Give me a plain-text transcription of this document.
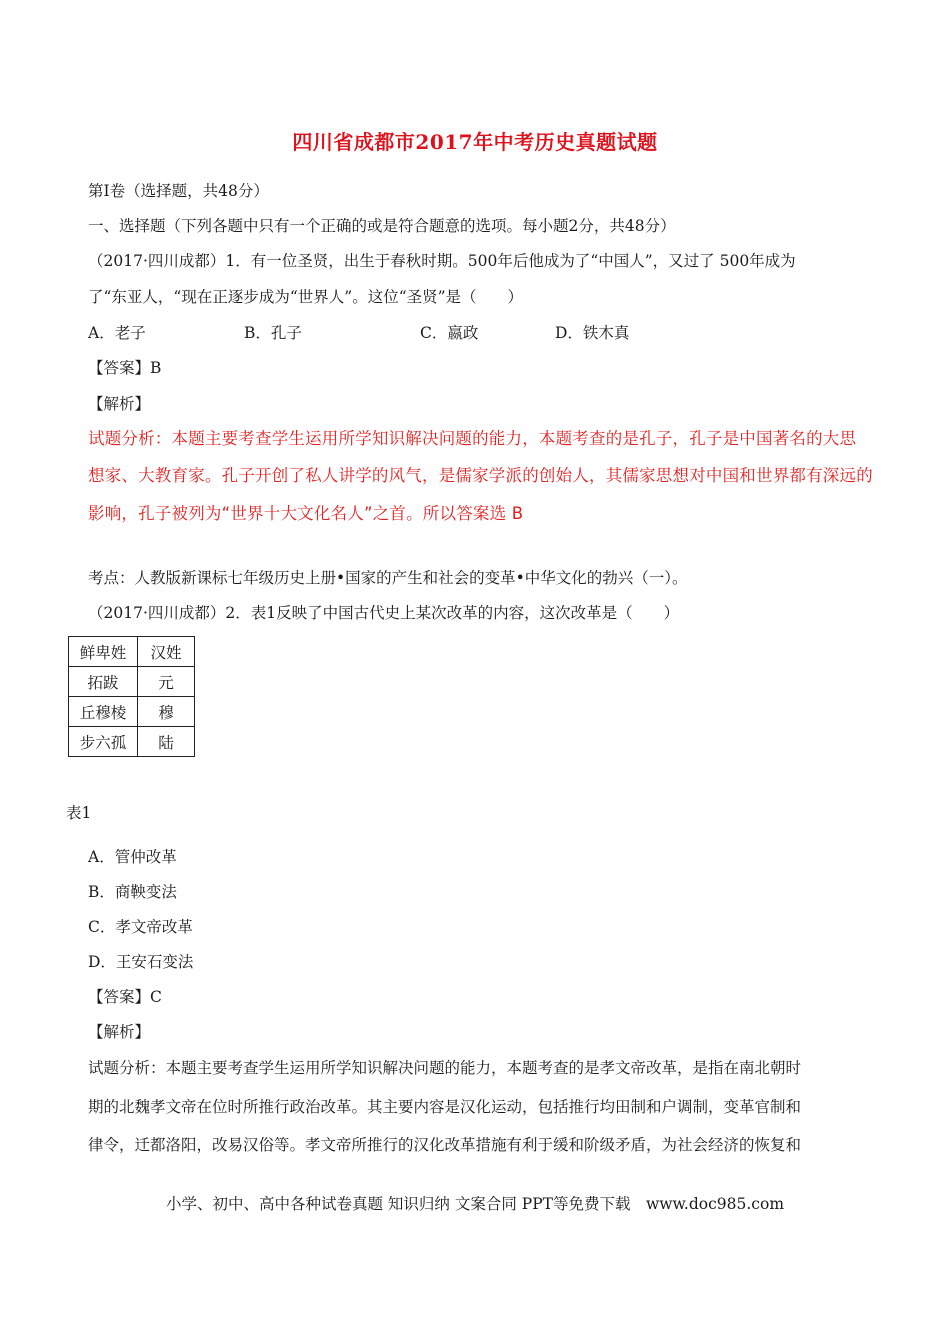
四川省成都市2017年中考历史真题试题
第Ⅰ卷（选择题，共48分）
一、选择题（下列各题中只有一个正确的或是符合题意的选项。每小题2分，共48分）
（2017·四川成都）1．有一位圣贤，出生于春秋时期。500年后他成为了“中国人”，又过了 500年成为
了“东亚人，“现在正逐步成为“世界人”。这位“圣贤”是（　　）
A．老子	B．孔子	C．嬴政	D．铁木真
【答案】B
【解析】
试题分析：本题主要考查学生运用所学知识解决问题的能力，本题考查的是孔子，孔子是中国著名的大思
想家、大教育家。孔子开创了私人讲学的风气，是儒家学派的创始人，其儒家思想对中国和世界都有深远的
影响，孔子被列为“世界十大文化名人”之首。所以答案选 B
考点：人教版新课标七年级历史上册•国家的产生和社会的变革•中华文化的勃兴（一）。
（2017·四川成都）2．表1反映了中国古代史上某次改革的内容，这次改革是（　　）
鲜卑姓	汉姓
拓跋	元
丘穆棱	穆
步六孤	陆
表1
A．管仲改革
B．商鞅变法
C．孝文帝改革
D．王安石变法
【答案】C
【解析】
试题分析：本题主要考查学生运用所学知识解决问题的能力，本题考查的是孝文帝改革，是指在南北朝时
期的北魏孝文帝在位时所推行政治改革。其主要内容是汉化运动，包括推行均田制和户调制，变革官制和
律令，迁都洛阳，改易汉俗等。孝文帝所推行的汉化改革措施有利于缓和阶级矛盾，为社会经济的恢复和
小学、初中、高中各种试卷真题 知识归纳 文案合同 PPT等免费下载　www.doc985.com
